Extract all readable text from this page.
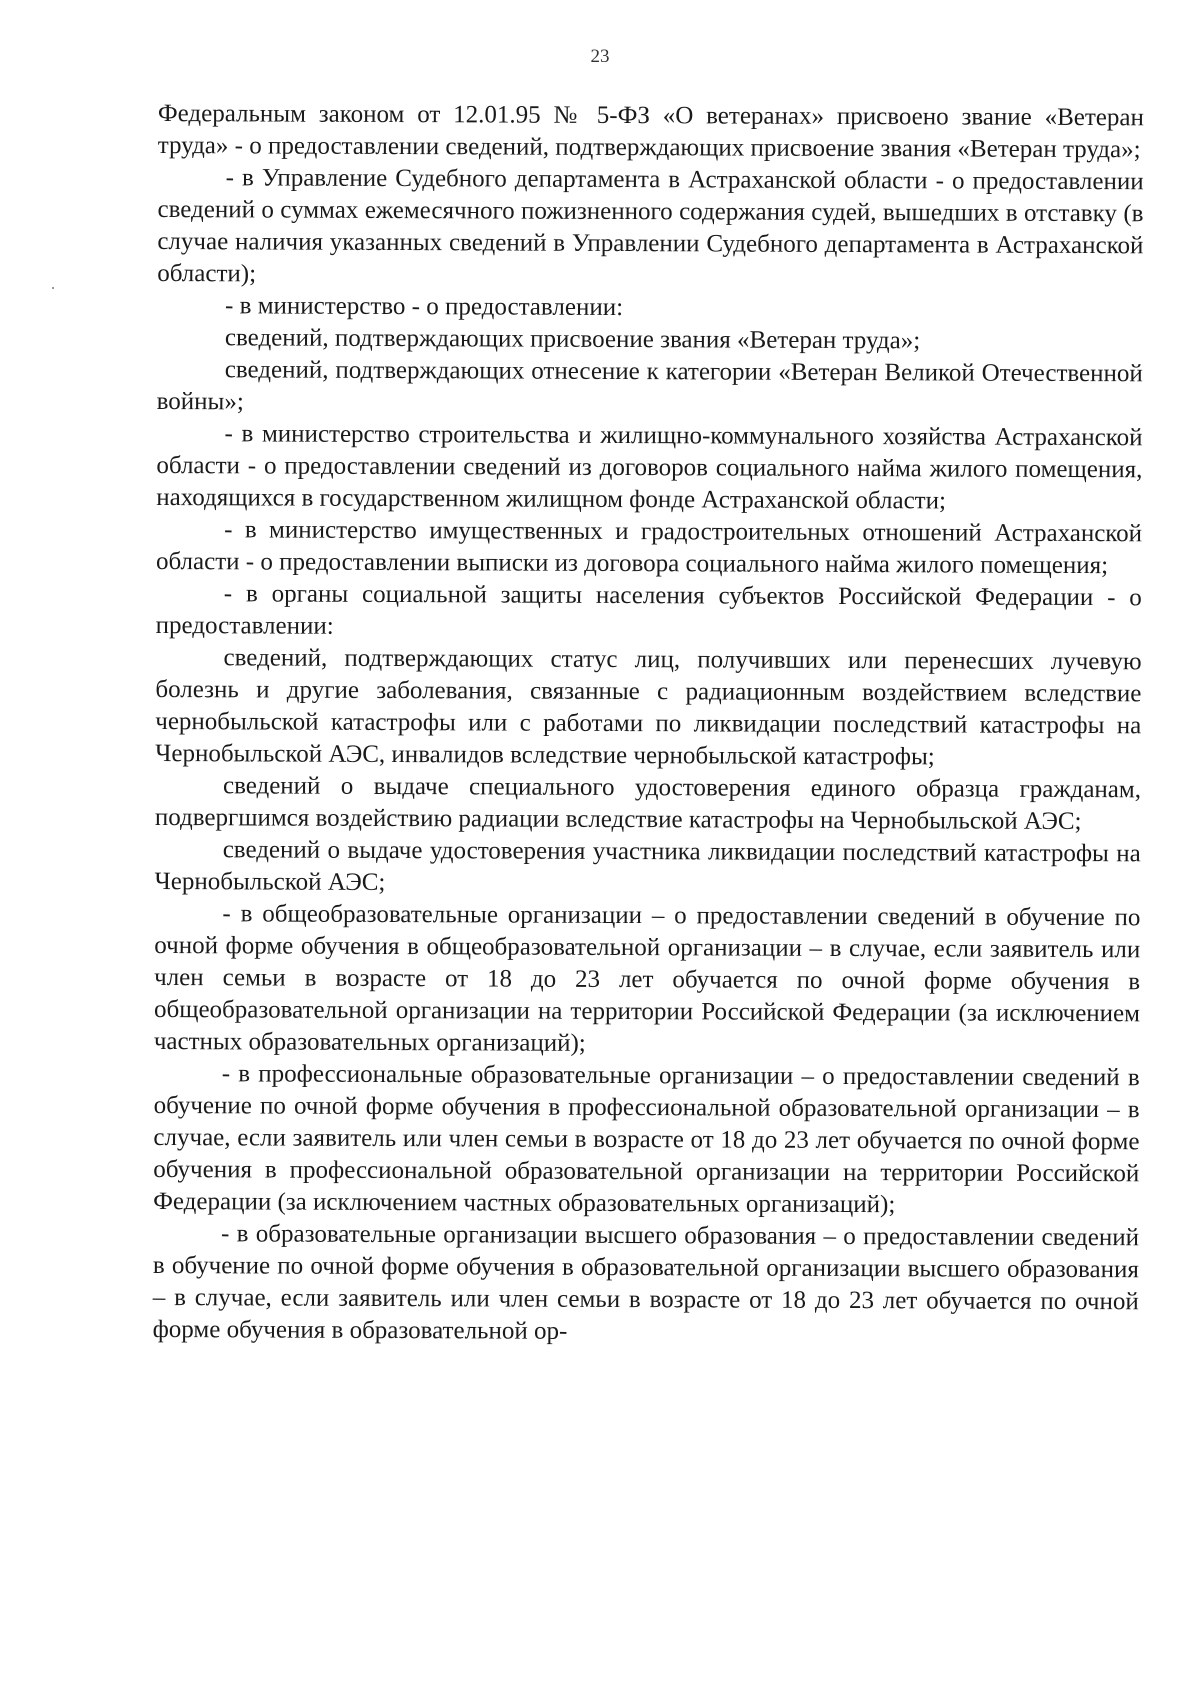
23

Федеральным законом от 12.01.95 № 5-ФЗ «О ветеранах» присвоено звание «Ветеран труда» - о предоставлении сведений, подтверждающих присвоение звания «Ветеран труда»;

- в Управление Судебного департамента в Астраханской области - о предоставлении сведений о суммах ежемесячного пожизненного содержания судей, вышедших в отставку (в случае наличия указанных сведений в Управлении Судебного департамента в Астраханской области);

- в министерство - о предоставлении:

сведений, подтверждающих присвоение звания «Ветеран труда»;

сведений, подтверждающих отнесение к категории «Ветеран Великой Отечественной войны»;

- в министерство строительства и жилищно-коммунального хозяйства Астраханской области - о предоставлении сведений из договоров социального найма жилого помещения, находящихся в государственном жилищном фонде Астраханской области;

- в министерство имущественных и градостроительных отношений Астраханской области - о предоставлении выписки из договора социального найма жилого помещения;

- в органы социальной защиты населения субъектов Российской Федерации - о предоставлении:

сведений, подтверждающих статус лиц, получивших или перенесших лучевую болезнь и другие заболевания, связанные с радиационным воздействием вследствие чернобыльской катастрофы или с работами по ликвидации последствий катастрофы на Чернобыльской АЭС, инвалидов вследствие чернобыльской катастрофы;

сведений о выдаче специального удостоверения единого образца гражданам, подвергшимся воздействию радиации вследствие катастрофы на Чернобыльской АЭС;

сведений о выдаче удостоверения участника ликвидации последствий катастрофы на Чернобыльской АЭС;

- в общеобразовательные организации – о предоставлении сведений в обучение по очной форме обучения в общеобразовательной организации – в случае, если заявитель или член семьи в возрасте от 18 до 23 лет обучается по очной форме обучения в общеобразовательной организации на территории Российской Федерации (за исключением частных образовательных организаций);

- в профессиональные образовательные организации – о предоставлении сведений в обучение по очной форме обучения в профессиональной образовательной организации – в случае, если заявитель или член семьи в возрасте от 18 до 23 лет обучается по очной форме обучения в профессиональной образовательной организации на территории Российской Федерации (за исключением частных образовательных организаций);

- в образовательные организации высшего образования – о предоставлении сведений в обучение по очной форме обучения в образовательной организации высшего образования – в случае, если заявитель или член семьи в возрасте от 18 до 23 лет обучается по очной форме обучения в образовательной ор-
